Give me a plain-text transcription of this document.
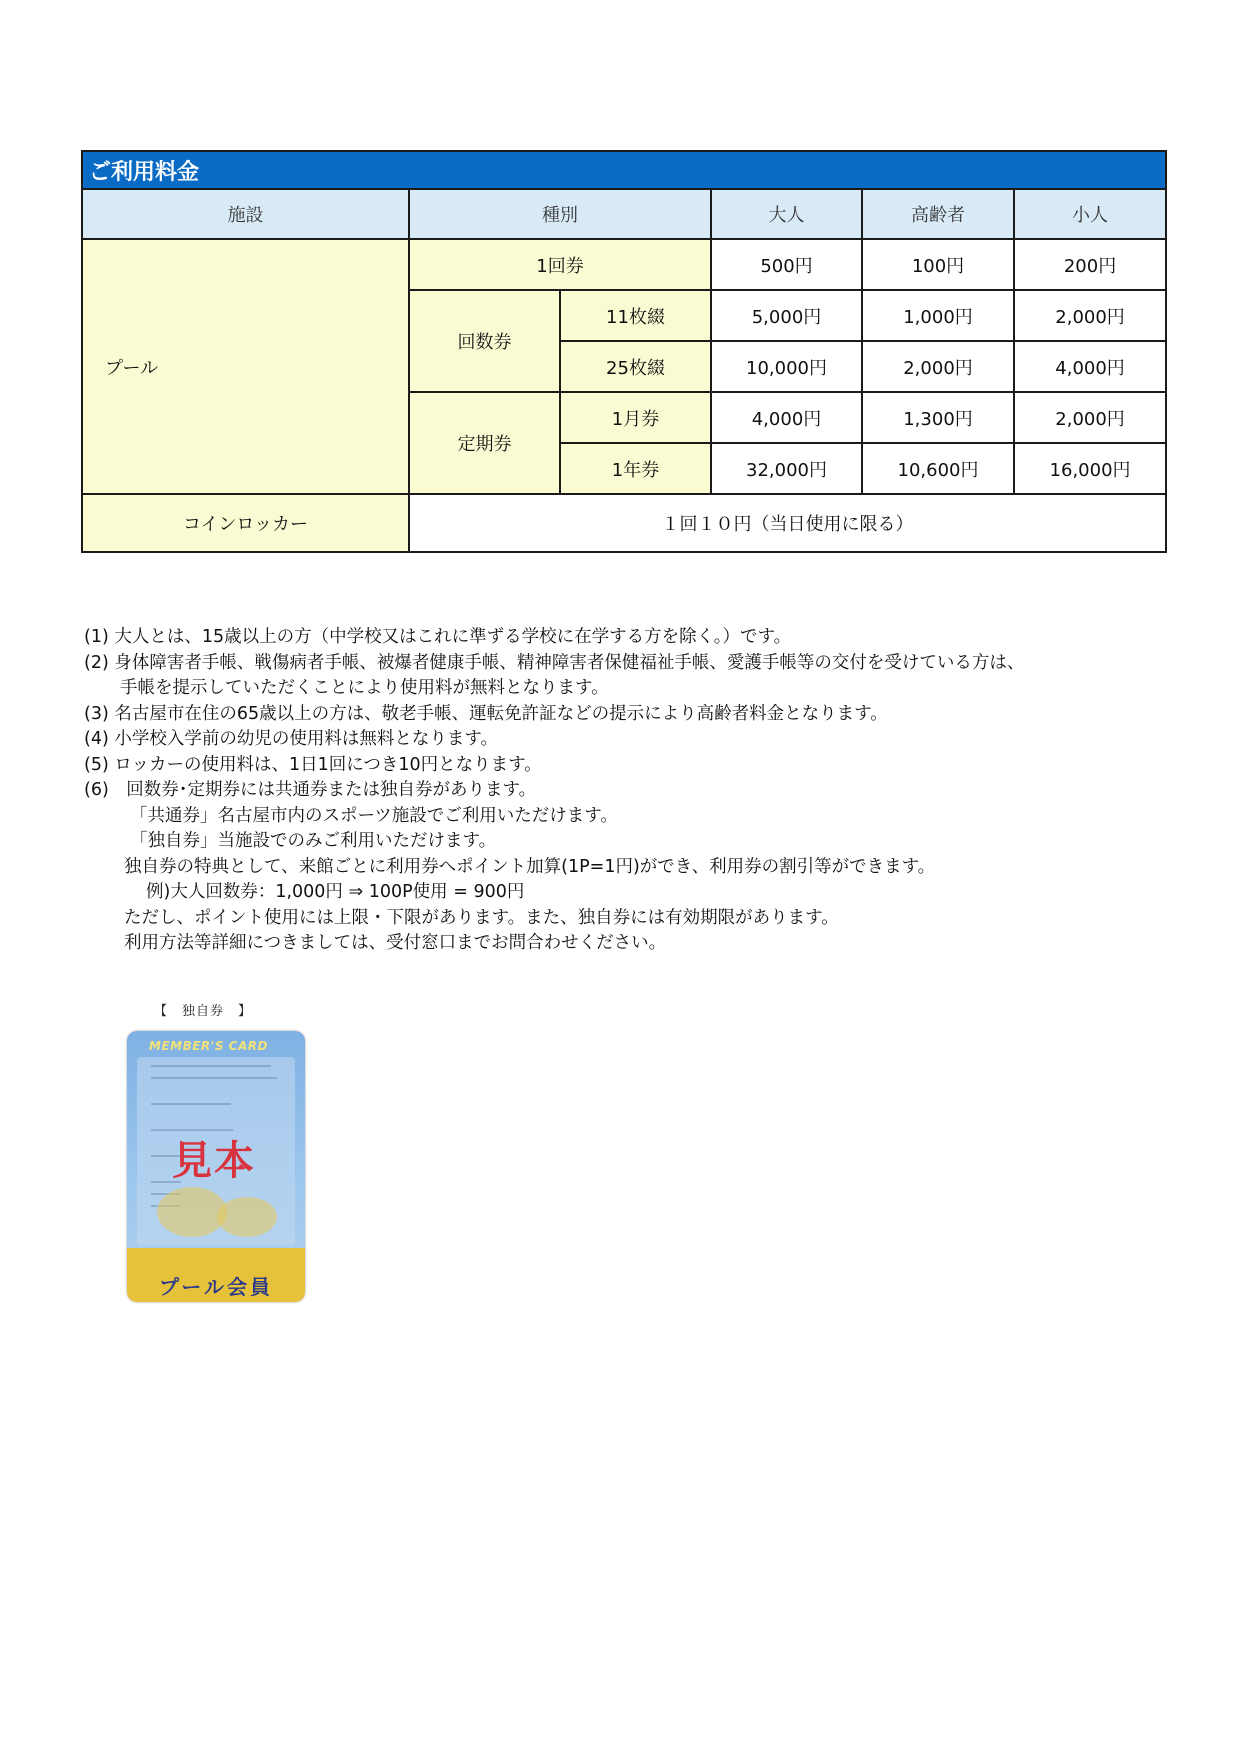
ご利用料金					
施設	種別		大人	高齢者	小人
プール	1回券		500円	100円	200円
	回数券	11枚綴	5,000円	1,000円	2,000円
		25枚綴	10,000円	2,000円	4,000円
	定期券	1月券	4,000円	1,300円	2,000円
		1年券	32,000円	10,600円	16,000円
コインロッカー	１回１０円（当日使用に限る）				

(1) 大人とは、15歳以上の方（中学校又はこれに準ずる学校に在学する方を除く。）です。

(2) 身体障害者手帳、戦傷病者手帳、被爆者健康手帳、精神障害者保健福祉手帳、愛護手帳等の交付を受けている方は、

手帳を提示していただくことにより使用料が無料となります。

(3) 名古屋市在住の65歳以上の方は、敬老手帳、運転免許証などの提示により高齢者料金となります。

(4) 小学校入学前の幼児の使用料は無料となります。

(5) ロッカーの使用料は、1日1回につき10円となります。

(6)　回数券･定期券には共通券または独自券があります。

「共通券」名古屋市内のスポーツ施設でご利用いただけます。

「独自券」当施設でのみご利用いただけます。

独自券の特典として、来館ごとに利用券へポイント加算(1P=1円)ができ、利用券の割引等ができます。

例)大人回数券：1,000円 ⇒ 100P使用 = 900円

ただし、ポイント使用には上限・下限があります。また、独自券には有効期限があります。

利用方法等詳細につきましては、受付窓口までお問合わせください。

【　独自券　】
MEMBER'S CARD
見本
プール会員
